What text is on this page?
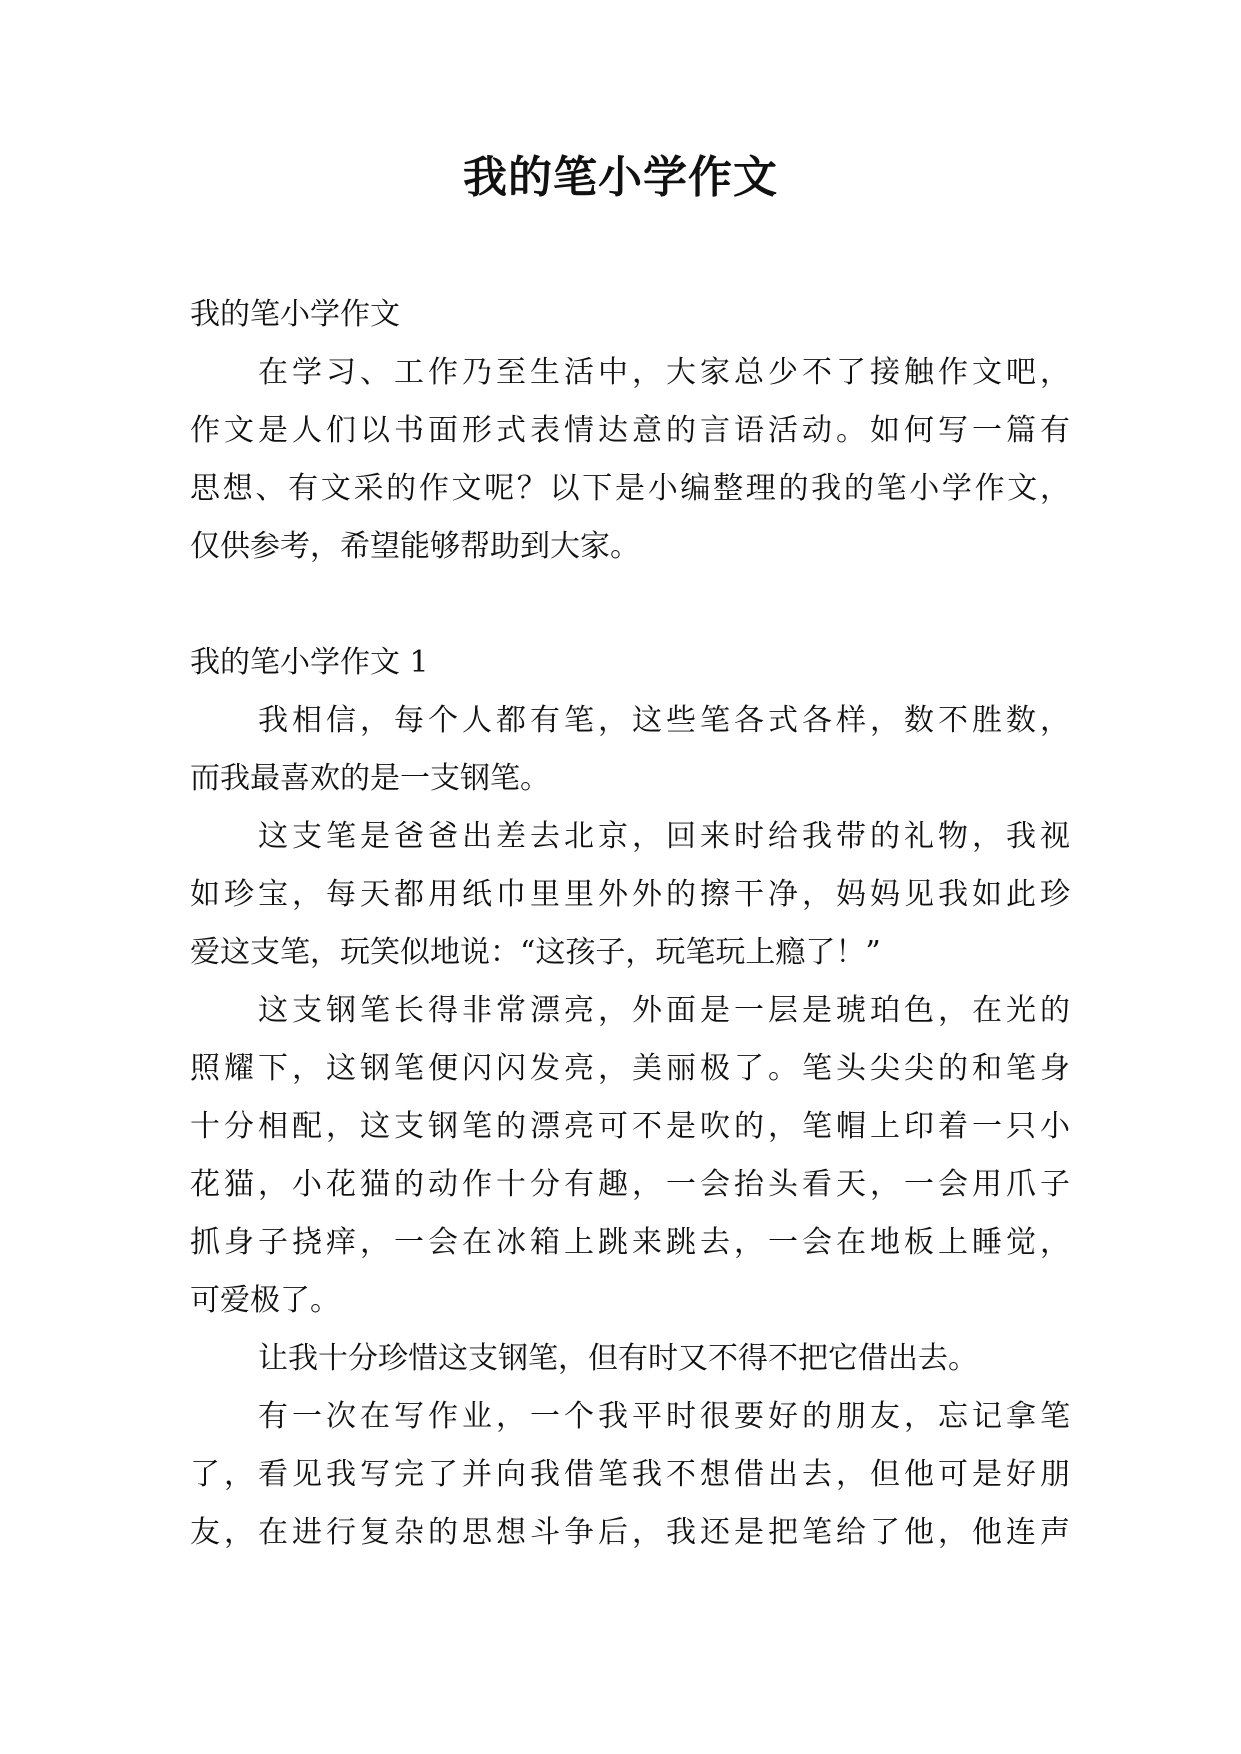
我的笔小学作文
我的笔小学作文
在学习、工作乃至生活中，大家总少不了接触作文吧，
作文是人们以书面形式表情达意的言语活动。如何写一篇有
思想、有文采的作文呢？以下是小编整理的我的笔小学作文，
仅供参考，希望能够帮助到大家。
我的笔小学作文 1
我相信，每个人都有笔，这些笔各式各样，数不胜数，
而我最喜欢的是一支钢笔。
这支笔是爸爸出差去北京，回来时给我带的礼物，我视
如珍宝，每天都用纸巾里里外外的擦干净，妈妈见我如此珍
爱这支笔，玩笑似地说：“这孩子，玩笔玩上瘾了！”
这支钢笔长得非常漂亮，外面是一层是琥珀色，在光的
照耀下，这钢笔便闪闪发亮，美丽极了。笔头尖尖的和笔身
十分相配，这支钢笔的漂亮可不是吹的，笔帽上印着一只小
花猫，小花猫的动作十分有趣，一会抬头看天，一会用爪子
抓身子挠痒，一会在冰箱上跳来跳去，一会在地板上睡觉，
可爱极了。
让我十分珍惜这支钢笔，但有时又不得不把它借出去。
有一次在写作业，一个我平时很要好的朋友，忘记拿笔
了，看见我写完了并向我借笔我不想借出去，但他可是好朋
友，在进行复杂的思想斗争后，我还是把笔给了他，他连声
